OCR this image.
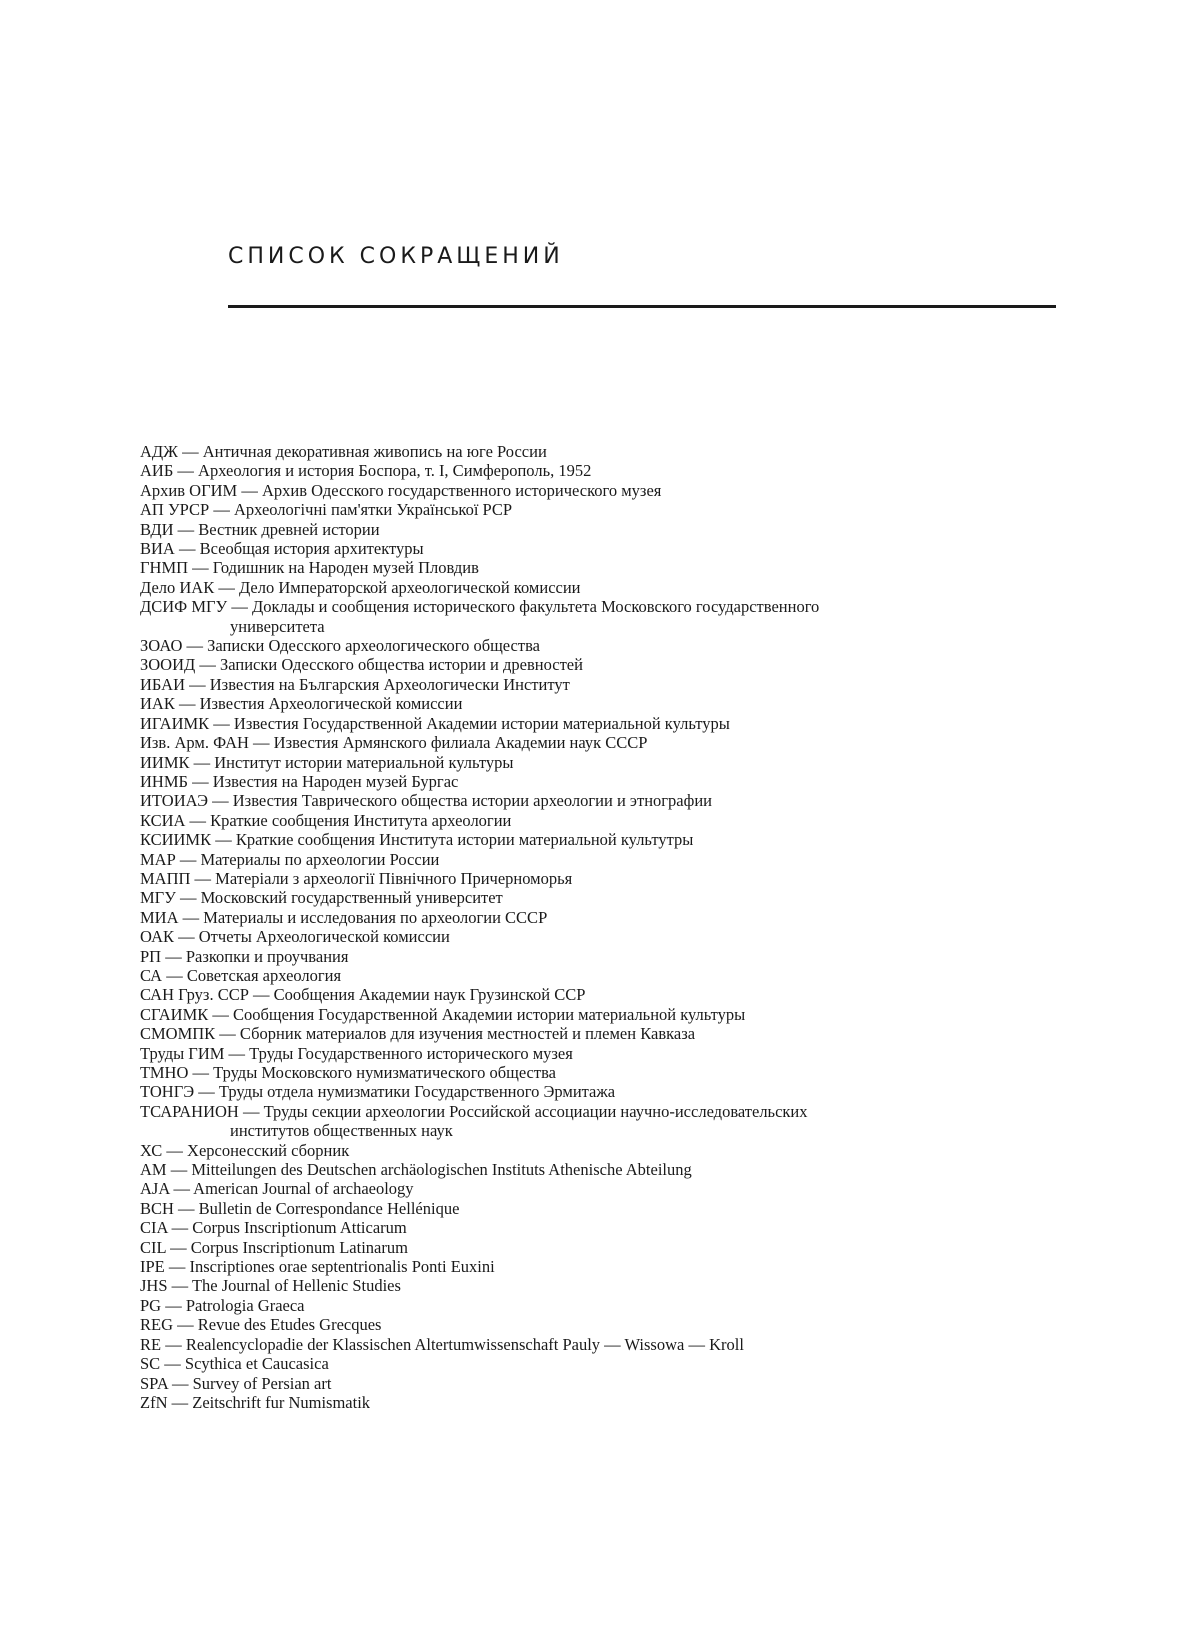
СПИСОК СОКРАЩЕНИЙ
АДЖ — Античная декоративная живопись на юге России
АИБ — Археология и история Боспора, т. I, Симферополь, 1952
Архив ОГИМ — Архив Одесского государственного исторического музея
АП УРСР — Археологічні пам'ятки Української РСР
ВДИ — Вестник древней истории
ВИА — Всеобщая история архитектуры
ГНМП — Годишник на Народен музей Пловдив
Дело ИАК — Дело Императорской археологической комиссии
ДСИФ МГУ — Доклады и сообщения исторического факультета Московского государственного
университета
ЗОАО — Записки Одесского археологического общества
ЗООИД — Записки Одесского общества истории и древностей
ИБАИ — Известия на Българския Археологически Институт
ИАК — Известия Археологической комиссии
ИГАИМК — Известия Государственной Академии истории материальной культуры
Изв. Арм. ФАН — Известия Армянского филиала Академии наук СССР
ИИМК — Институт истории материальной культуры
ИНМБ — Известия на Народен музей Бургас
ИТОИАЭ — Известия Таврического общества истории археологии и этнографии
КСИА — Краткие сообщения Института археологии
КСИИМК — Краткие сообщения Института истории материальной культутры
МАР — Материалы по археологии России
МАПП — Матеріали з археології Північного Причерноморья
МГУ — Московский государственный университет
МИА — Материалы и исследования по археологии СССР
ОАК — Отчеты Археологической комиссии
РП — Разкопки и проучвания
СА — Советская археология
САН Груз. ССР — Сообщения Академии наук Грузинской ССР
СГАИМК — Сообщения Государственной Академии истории материальной культуры
СМОМПК — Сборник материалов для изучения местностей и племен Кавказа
Труды ГИМ — Труды Государственного исторического музея
ТМНО — Труды Московского нумизматического общества
ТОНГЭ — Труды отдела нумизматики Государственного Эрмитажа
ТСАРАНИОН — Труды секции археологии Российской ассоциации научно-исследовательских
институтов общественных наук
ХС — Херсонесский сборник
AM — Mitteilungen des Deutschen archäologischen Instituts Athenische Abteilung
AJA — American Journal of archaeology
BCH — Bulletin de Correspondance Hellénique
CIA — Corpus Inscriptionum Atticarum
CIL — Corpus Inscriptionum Latinarum
IPE — Inscriptiones orae septentrionalis Ponti Euxini
JHS — The Journal of Hellenic Studies
PG — Patrologia Graeca
REG — Revue des Etudes Grecques
RE — Realencyclopadie der Klassischen Altertumwissenschaft Pauly — Wissowa — Kroll
SC — Scythica et Caucasica
SPA — Survey of Persian art
ZfN — Zeitschrift fur Numismatik
